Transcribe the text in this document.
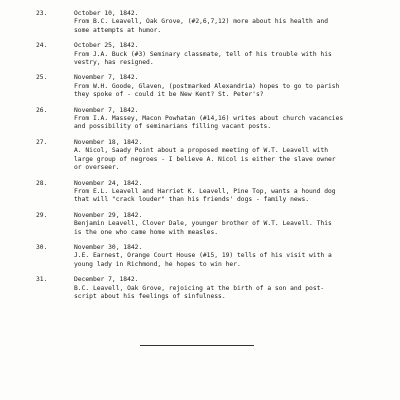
23.	October 10, 1842.
From B.C. Leavell, Oak Grove, (#2,6,7,12) more about his health and
some attempts at humor.
24.	October 25, 1842.
From J.A. Buck (#3) Seminary classmate, tell of his trouble with his
vestry, has resigned.
25.	November 7, 1842.
From W.H. Goode, Glaven, (postmarked Alexandria) hopes to go to parish
they spoke of - could it be New Kent? St. Peter's?
26.	November 7, 1842.
From I.A. Massey, Macon Powhatan (#14,16) writes about church vacancies
and possibility of seminarians filling vacant posts.
27.	November 18, 1842.
A. Nicol, Saady Point about a proposed meeting of W.T. Leavell with
large group of negroes - I believe A. Nicol is either the slave owner
or overseer.
28.	November 24, 1842.
From E.L. Leavell and Harriet K. Leavell, Pine Top, wants a hound dog
that will "crack louder" than his friends' dogs - family news.
29.	November 29, 1842.
Benjamin Leavell, Clover Dale, younger brother of W.T. Leavell. This
is the one who came home with measles.
30.	November 30, 1842.
J.E. Earnest, Orange Court House (#15, 19) tells of his visit with a
young lady in Richmond, he hopes to win her.
31.	December 7, 1842.
B.C. Leavell, Oak Grove, rejoicing at the birth of a son and post-
script about his feelings of sinfulness.
